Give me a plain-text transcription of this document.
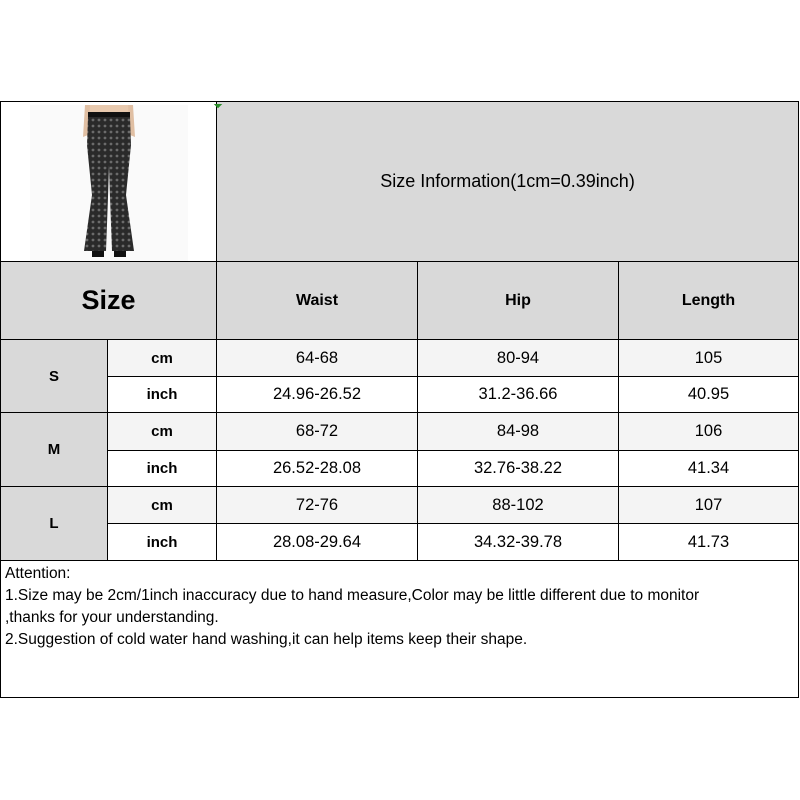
Size Information(1cm=0.39inch)
Size	Waist	Hip	Length
S
cm	64-68	80-94	105
inch	24.96-26.52	31.2-36.66	40.95
M
cm	68-72	84-98	106
inch	26.52-28.08	32.76-38.22	41.34
L
cm	72-76	88-102	107
inch	28.08-29.64	34.32-39.78	41.73
Attention:
1.Size may be 2cm/1inch inaccuracy due to hand measure,Color may be little different due to monitor
,thanks for your understanding.
2.Suggestion of cold water hand washing,it can help items keep their shape.
